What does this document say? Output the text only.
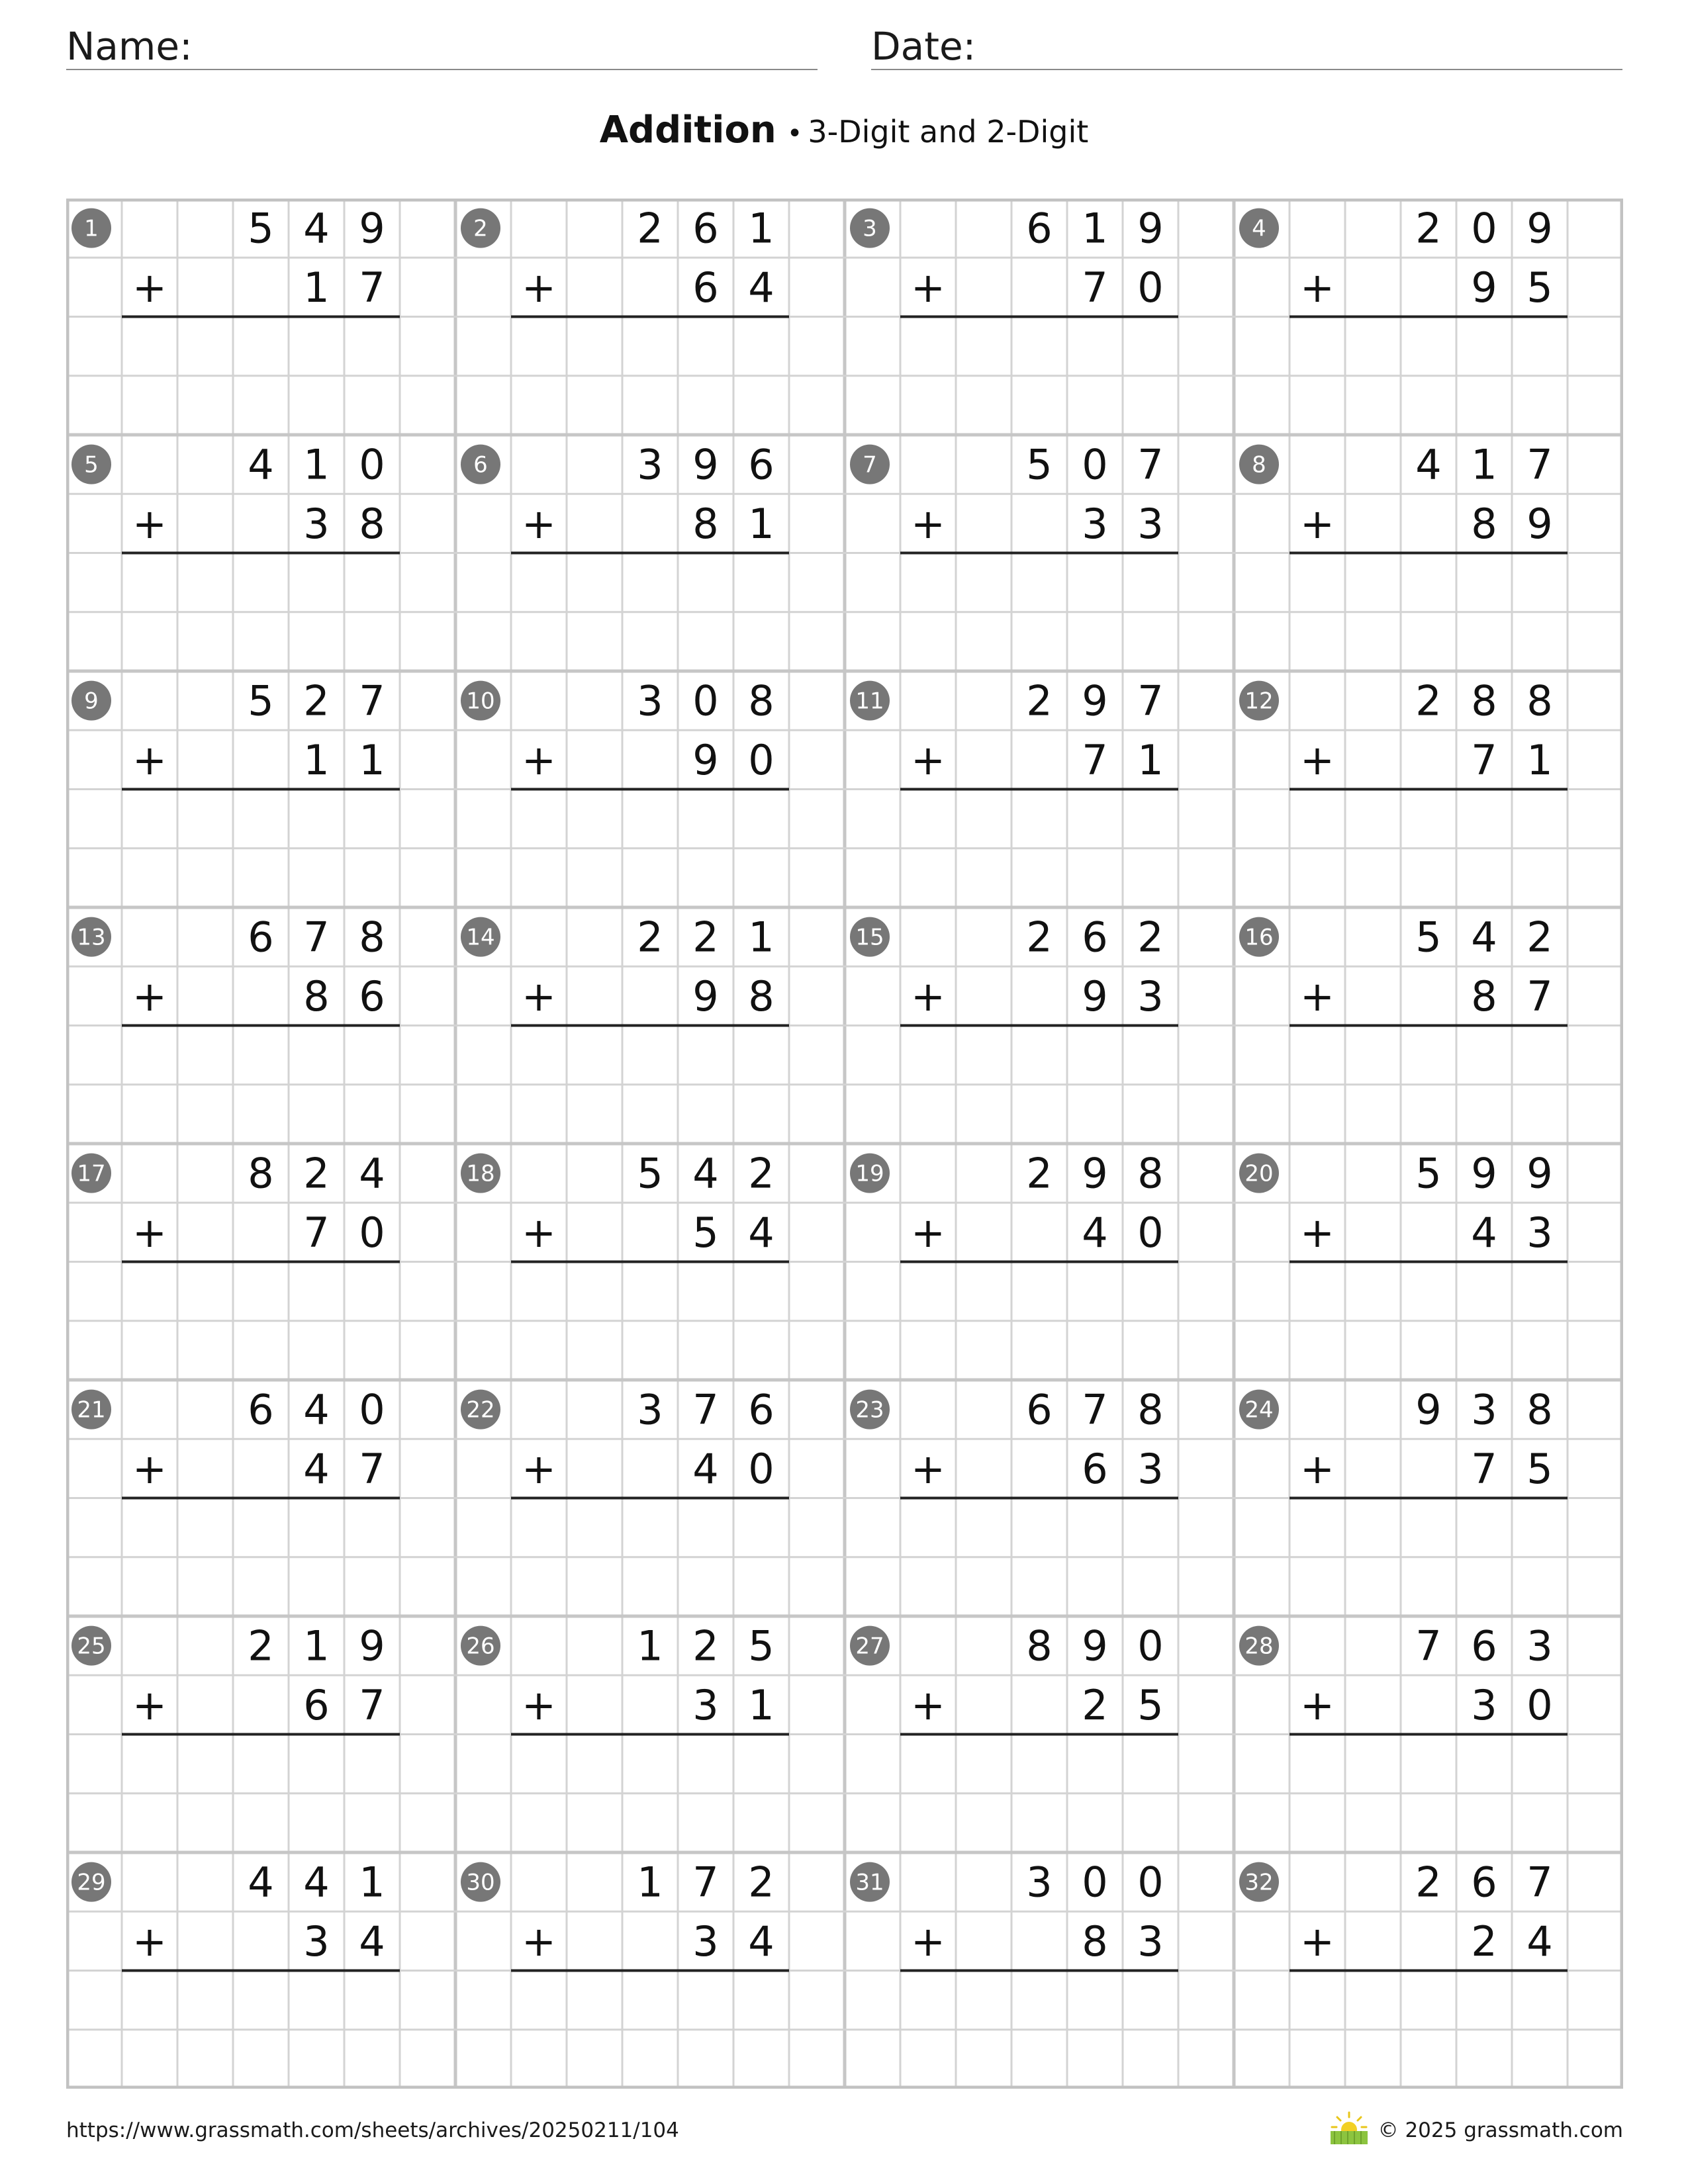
Name:	Date:
Addition • 3-Digit and 2-Digit
1	5 4 9
1 7
+
2	2 6 1
6 4
+
3	6 1 9
7 0
+
4	2 0 9
9 5
+
5	4 1 0
3 8
+
6	3 9 6
8 1
+
7	5 0 7
3 3
+
8	4 1 7
8 9
+
9	5 2 7
1 1
+
10	3 0 8
9 0
+
11	2 9 7
7 1
+
12	2 8 8
7 1
+
13	6 7 8
8 6
+
14	2 2 1
9 8
+
15	2 6 2
9 3
+
16	5 4 2
8 7
+
17	8 2 4
7 0
+
18	5 4 2
5 4
+
19	2 9 8
4 0
+
20	5 9 9
4 3
+
21	6 4 0
4 7
+
22	3 7 6
4 0
+
23	6 7 8
6 3
+
24	9 3 8
7 5
+
25	2 1 9
6 7
+
26	1 2 5
3 1
+
27	8 9 0
2 5
+
28	7 6 3
3 0
+
29	4 4 1
3 4
+
30	1 7 2
3 4
+
31	3 0 0
8 3
+
32	2 6 7
2 4
+
https://www.grassmath.com/sheets/archives/20250211/104	© 2025 grassmath.com
